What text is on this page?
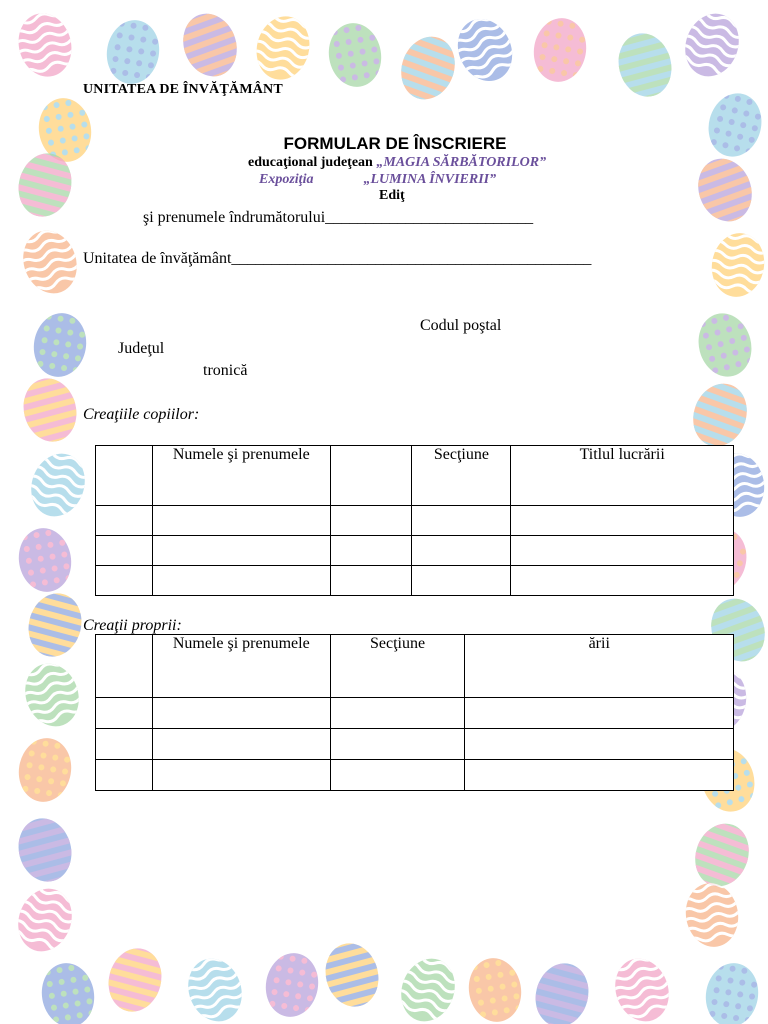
UNITATEA DE ÎNVĂŢĂMÂNT
FORMULAR DE ÎNSCRIERE
educaţional judeţean „MAGIA SĂRBĂTORILOR”
Expoziţia	„LUMINA ÎNVIERII”
Ediţ
şi prenumele îndrumătorului__________________________
Unitatea de învăţământ_____________________________________________
Codul poştal
Judeţul
tronică
Creaţiile copiilor:

	Numele şi prenumele		Secţiune	Titlul lucrării

Creaţii proprii:

	Numele şi prenumele	Secţiune	ării
